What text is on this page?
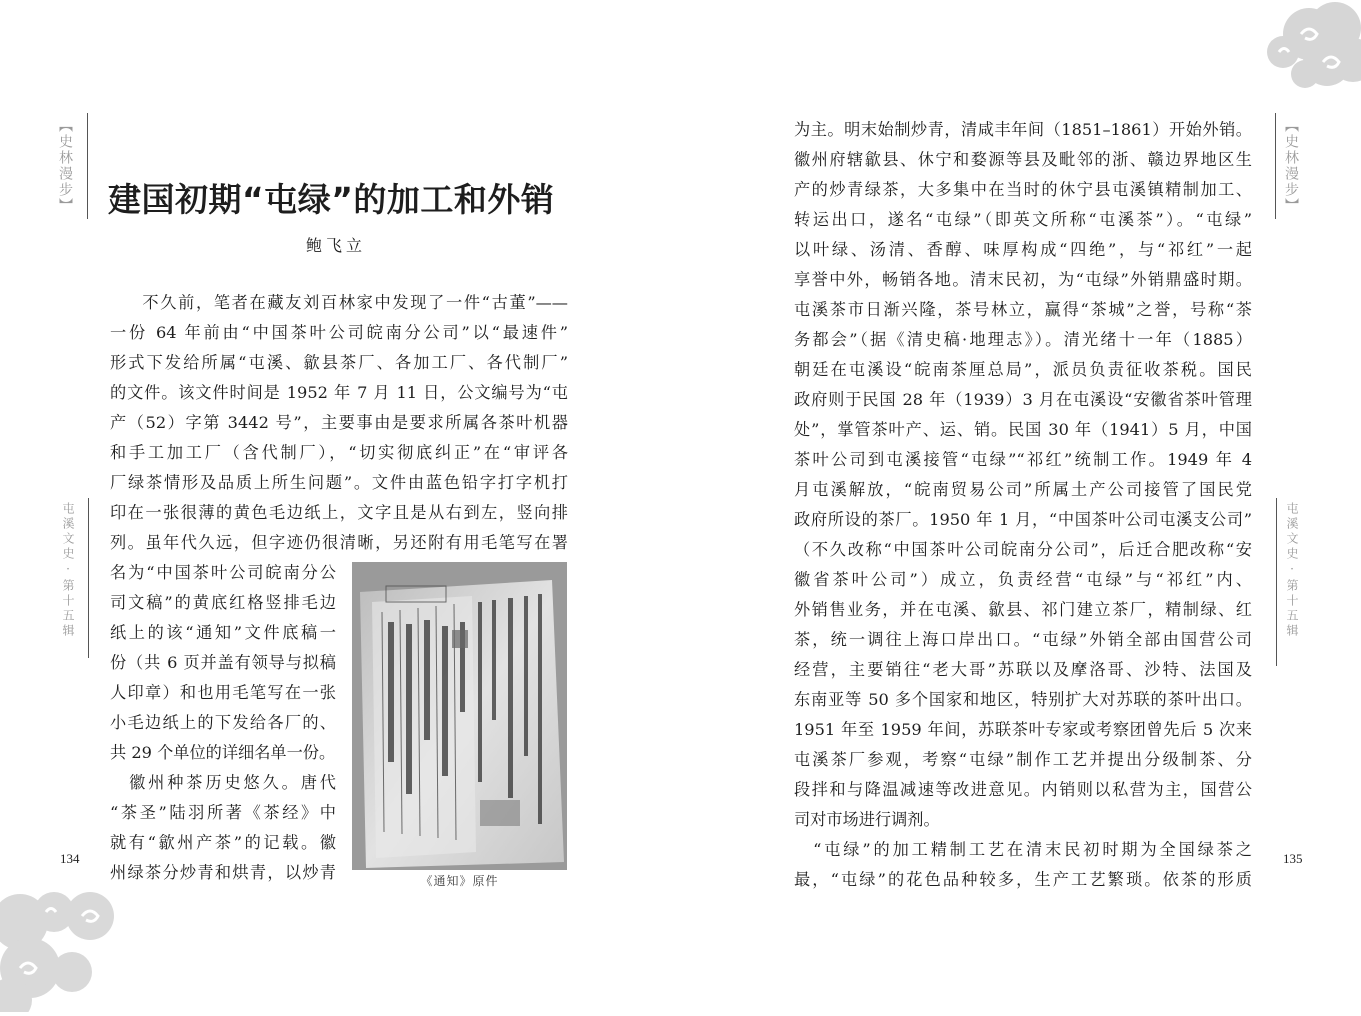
【史林漫步】
屯溪文史·第十五辑
134
建国初期“屯绿”的加工和外销
鲍飞立
不久前，笔者在藏友刘百林家中发现了一件“古董”——
一份 64 年前由“中国茶叶公司皖南分公司”以“最速件”
形式下发给所属“屯溪、歙县茶厂、各加工厂、各代制厂”
的文件。该文件时间是 1952 年 7 月 11 日，公文编号为“屯
产（52）字第 3442 号”，主要事由是要求所属各茶叶机器
和手工加工厂（含代制厂），“切实彻底纠正”在“审评各
厂绿茶情形及品质上所生问题”。文件由蓝色铅字打字机打
印在一张很薄的黄色毛边纸上，文字且是从右到左，竖向排
列。虽年代久远，但字迹仍很清晰，另还附有用毛笔写在署
名为“中国茶叶公司皖南分公
司文稿”的黄底红格竖排毛边
纸上的该“通知”文件底稿一
份（共 6 页并盖有领导与拟稿
人印章）和也用毛笔写在一张
小毛边纸上的下发给各厂的、
共 29 个单位的详细名单一份。
　徽州种茶历史悠久。唐代
“茶圣”陆羽所著《茶经》中
就有“歙州产茶”的记载。徽
州绿茶分炒青和烘青，以炒青	《通知》原件
为主。明末始制炒青，清咸丰年间（1851–1861）开始外销。
徽州府辖歙县、休宁和婺源等县及毗邻的浙、赣边界地区生
产的炒青绿茶，大多集中在当时的休宁县屯溪镇精制加工、
转运出口，遂名“屯绿”（即英文所称“屯溪茶”）。“屯绿”
以叶绿、汤清、香醇、味厚构成“四绝”，与“祁红”一起
享誉中外，畅销各地。清末民初，为“屯绿”外销鼎盛时期。
屯溪茶市日渐兴隆，茶号林立，赢得“茶城”之誉，号称“茶
务都会”（据《清史稿·地理志》）。清光绪十一年（1885）
朝廷在屯溪设“皖南茶厘总局”，派员负责征收茶税。国民
政府则于民国 28 年（1939）3 月在屯溪设“安徽省茶叶管理
处”，掌管茶叶产、运、销。民国 30 年（1941）5 月，中国
茶叶公司到屯溪接管“屯绿”“祁红”统制工作。1949 年 4
月屯溪解放，“皖南贸易公司”所属土产公司接管了国民党
政府所设的茶厂。1950 年 1 月，“中国茶叶公司屯溪支公司”
（不久改称“中国茶叶公司皖南分公司”，后迁合肥改称“安
徽省茶叶公司”）成立，负责经营“屯绿”与“祁红”内、
外销售业务，并在屯溪、歙县、祁门建立茶厂，精制绿、红
茶，统一调往上海口岸出口。“屯绿”外销全部由国营公司
经营，主要销往“老大哥”苏联以及摩洛哥、沙特、法国及
东南亚等 50 多个国家和地区，特别扩大对苏联的茶叶出口。
1951 年至 1959 年间，苏联茶叶专家或考察团曾先后 5 次来
屯溪茶厂参观，考察“屯绿”制作工艺并提出分级制茶、分
段拌和与降温减速等改进意见。内销则以私营为主，国营公
司对市场进行调剂。
　“屯绿”的加工精制工艺在清末民初时期为全国绿茶之
最，“屯绿”的花色品种较多，生产工艺繁琐。依茶的形质
【史林漫步】
屯溪文史·第十五辑
135
